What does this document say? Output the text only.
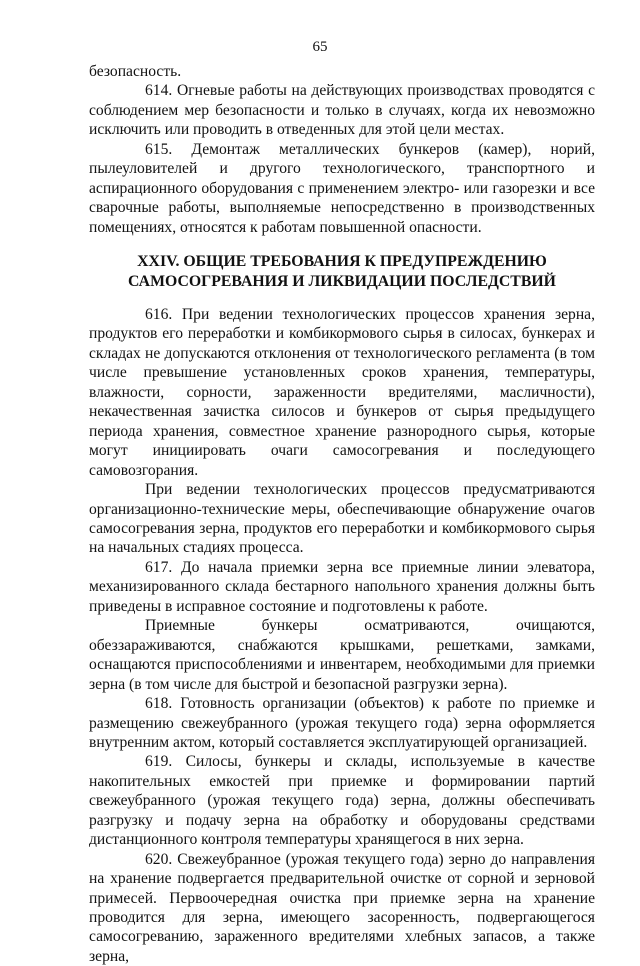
65

безопасность.

614. Огневые работы на действующих производствах проводятся с соблюдением мер безопасности и только в случаях, когда их невозможно исключить или проводить в отведенных для этой цели местах.

615. Демонтаж металлических бункеров (камер), норий, пылеуловителей и другого технологического, транспортного и аспирационного оборудования с применением электро- или газорезки и все сварочные работы, выполняемые непосредственно в производственных помещениях, относятся к работам повышенной опасности.

XXIV. ОБЩИЕ ТРЕБОВАНИЯ К ПРЕДУПРЕЖДЕНИЮ
САМОСОГРЕВАНИЯ И ЛИКВИДАЦИИ ПОСЛЕДСТВИЙ

616. При ведении технологических процессов хранения зерна, продуктов его переработки и комбикормового сырья в силосах, бункерах и складах не допускаются отклонения от технологического регламента (в том числе превышение установленных сроков хранения, температуры, влажности, сорности, зараженности вредителями, масличности), некачественная зачистка силосов и бункеров от сырья предыдущего периода хранения, совместное хранение разнородного сырья, которые могут инициировать очаги самосогревания и последующего самовозгорания.

При ведении технологических процессов предусматриваются организационно-технические меры, обеспечивающие обнаружение очагов самосогревания зерна, продуктов его переработки и комбикормового сырья на начальных стадиях процесса.

617. До начала приемки зерна все приемные линии элеватора, механизированного склада бестарного напольного хранения должны быть приведены в исправное состояние и подготовлены к работе.

Приемные бункеры осматриваются, очищаются, обеззараживаются, снабжаются крышками, решетками, замками, оснащаются приспособлениями и инвентарем, необходимыми для приемки зерна (в том числе для быстрой и безопасной разгрузки зерна).

618. Готовность организации (объектов) к работе по приемке и размещению свежеубранного (урожая текущего года) зерна оформляется внутренним актом, который составляется эксплуатирующей организацией.

619. Силосы, бункеры и склады, используемые в качестве накопительных емкостей при приемке и формировании партий свежеубранного (урожая текущего года) зерна, должны обеспечивать разгрузку и подачу зерна на обработку и оборудованы средствами дистанционного контроля температуры хранящегося в них зерна.

620. Свежеубранное (урожая текущего года) зерно до направления на хранение подвергается предварительной очистке от сорной и зерновой примесей. Первоочередная очистка при приемке зерна на хранение проводится для зерна, имеющего засоренность, подвергающегося самосогреванию, зараженного вредителями хлебных запасов, а также зерна,
